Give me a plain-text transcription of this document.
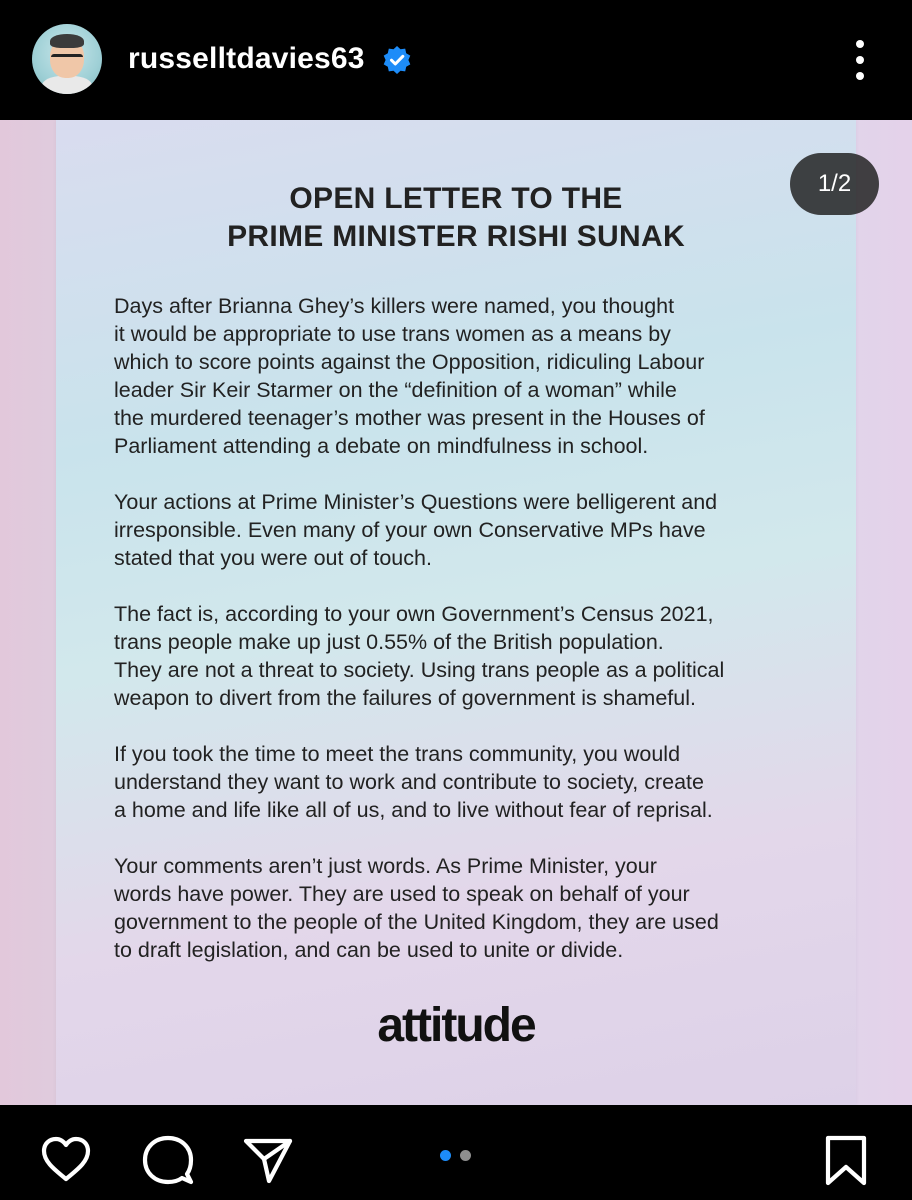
russelltdavies63
OPEN LETTER TO THE
PRIME MINISTER RISHI SUNAK
Days after Brianna Ghey’s killers were named, you thought
it would be appropriate to use trans women as a means by
which to score points against the Opposition, ridiculing Labour
leader Sir Keir Starmer on the “definition of a woman” while
the murdered teenager’s mother was present in the Houses of
Parliament attending a debate on mindfulness in school.
Your actions at Prime Minister’s Questions were belligerent and
irresponsible. Even many of your own Conservative MPs have
stated that you were out of touch.
The fact is, according to your own Government’s Census 2021,
trans people make up just 0.55% of the British population.
They are not a threat to society. Using trans people as a political
weapon to divert from the failures of government is shameful.
If you took the time to meet the trans community, you would
understand they want to work and contribute to society, create
a home and life like all of us, and to live without fear of reprisal.
Your comments aren’t just words. As Prime Minister, your
words have power. They are used to speak on behalf of your
government to the people of the United Kingdom, they are used
to draft legislation, and can be used to unite or divide.
attitude
1/2
